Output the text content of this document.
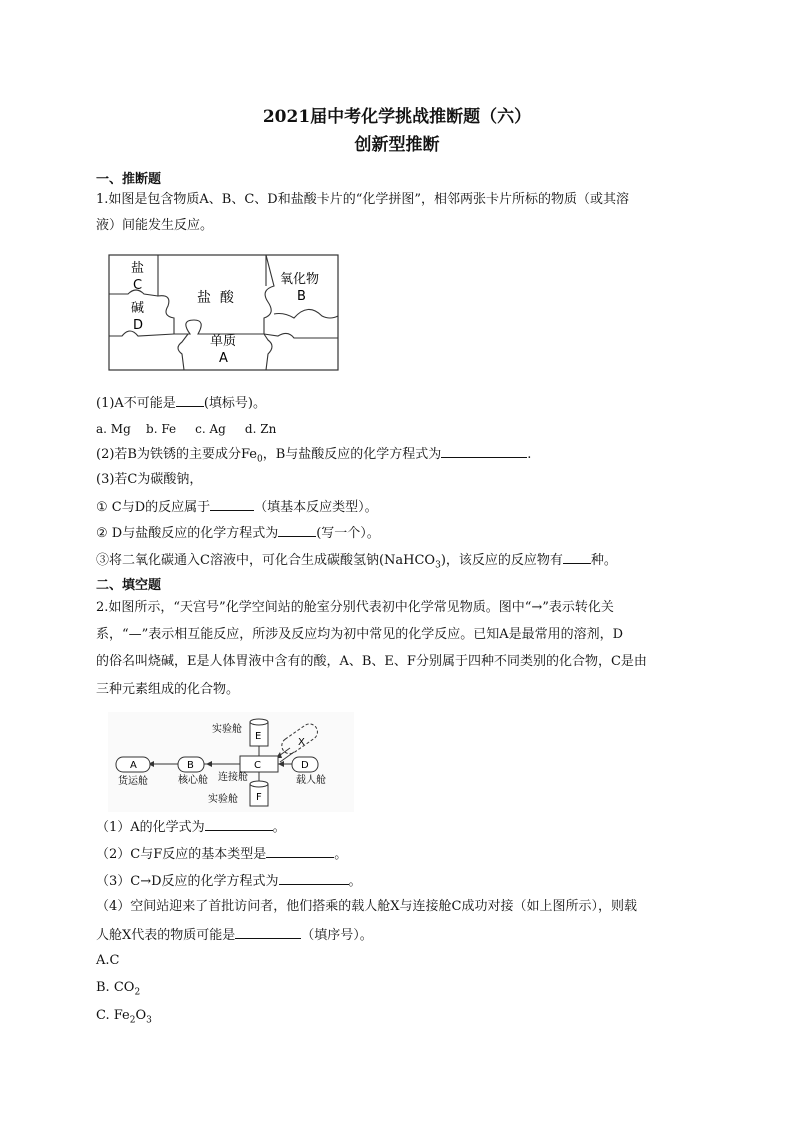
2021届中考化学挑战推断题（六）
创新型推断
一、推断题
1.如图是包含物质A、B、C、D和盐酸卡片的“化学拼图”，相邻两张卡片所标的物质（或其溶
液）间能发生反应。
盐
C
碱
D
盐  酸
氧化物
B
单质
A
(1)A不可能是 (填标号)。
a. Mg    b. Fe     c. Ag     d. Zn
(2)若B为铁锈的主要成分$Fe_0$，B与盐酸反应的化学方程式为	.
(3)若C为碳酸钠，
① C与D的反应属于	（填基本反应类型）。
② D与盐酸反应的化学方程式为	(写一个）。
③将二氧化碳通入C溶液中，可化合生成碳酸氢钠(NaHCO$_3$)，该反应的反应物有 种。
二、填空题
2.如图所示，“天宫号”化学空间站的舱室分别代表初中化学常见物质。图中“→”表示转化关
系，“—”表示相互能反应，所涉及反应均为初中常见的化学反应。已知A是最常用的溶剂，D
的俗名叫烧碱，E是人体胃液中含有的酸，A、B、E、F分别属于四种不同类别的化合物，C是由
三种元素组成的化合物。
E
实验舱
X
A	B	C	D
货运舱	核心舱 连接舱	载人舱
F
实验舱
（1）A的化学式为	。
（2）C与F反应的基本类型是	。
（3）C→D反应的化学方程式为	。
（4）空间站迎来了首批访问者，他们搭乘的载人舱X与连接舱C成功对接（如上图所示），则载
人舱X代表的物质可能是	（填序号）。
A.C
B. $CO_2$
C. $Fe_2O_3$
